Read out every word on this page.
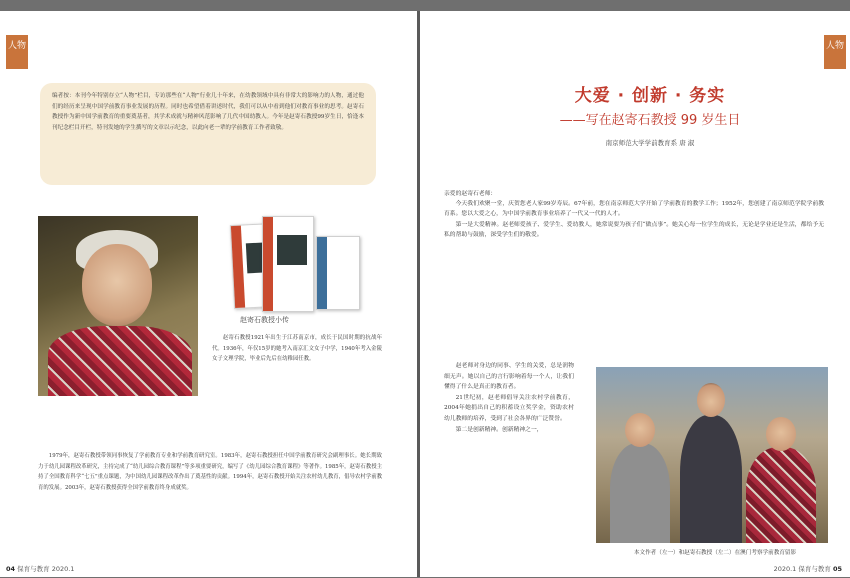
人物

编者按：本刊今年特别存立“人物”栏目，专访那些在“人物”行业几十年来，在幼教领域中具有非常大的影响力的人物，通过他们的经历来呈现中国学前教育事业发展的历程。同时也希望借着讲述时代，我们可以从中看到他们对教育事业的思考。赵寄石教授作为新中国学前教育的重要奠基者，其学术成就与精神风范影响了几代中国幼教人。今年是赵寄石教授99岁生日，恰逢本刊纪念栏目开栏，特刊发她的学生撰写的文章以示纪念，以此向老一辈的学前教育工作者致敬。

赵寄石教授小传

赵寄石教授1921年出生于江苏南京市，成长于民国时期的抗战年代。1936年，年仅15岁的她考入南京汇文女子中学，1940年考入金陵女子文理学院，毕业后先后在幼稚园任教。

1979年，赵寄石教授带领同事恢复了学前教育专业和学前教育研究室。1983年，赵寄石教授担任中国学前教育研究会副理事长。她长期致力于幼儿园课程改革研究，主持完成了“幼儿园综合教育课程”等多项重要研究，编写了《幼儿园综合教育课程》等著作。1985年，赵寄石教授主持了全国教育科学“七五”重点课题，为中国幼儿园课程改革作出了奠基性的贡献。1994年，赵寄石教授开始关注农村幼儿教育，倡导农村学前教育的发展。2003年，赵寄石教授获得全国学前教育终身成就奖。

04 保育与教育 2020.1
人物
大爱 · 创新 · 务实
——写在赵寄石教授 99 岁生日
南京师范大学学前教育系 唐 淑

亲爱的赵寄石老师：

今天我们欢聚一堂，庆贺您老人家99岁寿辰。67年前，您在南京师范大学开始了学前教育的教学工作；1952年，您创建了南京师范学院学前教育系。您以大爱之心，为中国学前教育事业培养了一代又一代的人才。

第一是大爱精神。赵老师爱孩子、爱学生、爱幼教人，她常说要为孩子们“做点事”。她关心每一位学生的成长，无论是学业还是生活，都给予无私的帮助与鼓励，深受学生们的敬爱。

赵老师对身边的同事、学生的关爱，总是润物细无声。她以自己的言行影响着每一个人，让我们懂得了什么是真正的教育者。

21世纪初，赵老师倡导关注农村学前教育，2004年她捐出自己的积蓄设立奖学金，资助农村幼儿教师的培养，受到了社会各界的广泛赞誉。

第二是创新精神。创新精神之一，

本文作者（左一）和赵寄石教授（左二）在澳门考察学前教育留影
2020.1 保育与教育 05
